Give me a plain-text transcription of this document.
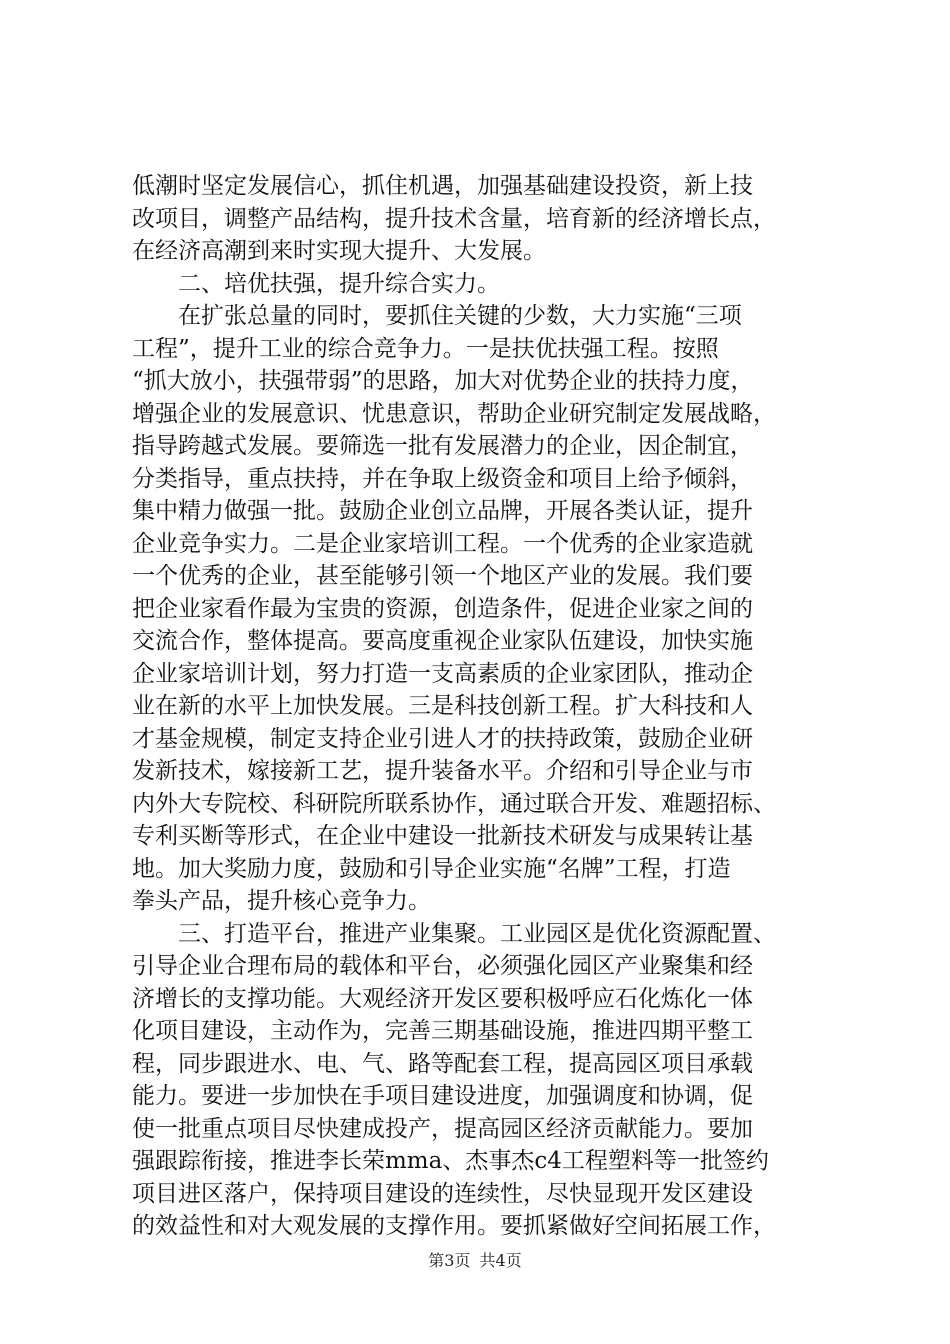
低潮时坚定发展信心，抓住机遇，加强基础建设投资，新上技
改项目，调整产品结构，提升技术含量，培育新的经济增长点，
在经济高潮到来时实现大提升、大发展。
　　二、培优扶强，提升综合实力。
　　在扩张总量的同时，要抓住关键的少数，大力实施“三项
工程”，提升工业的综合竞争力。一是扶优扶强工程。按照
“抓大放小，扶强带弱”的思路，加大对优势企业的扶持力度，
增强企业的发展意识、忧患意识，帮助企业研究制定发展战略，
指导跨越式发展。要筛选一批有发展潜力的企业，因企制宜，
分类指导，重点扶持，并在争取上级资金和项目上给予倾斜，
集中精力做强一批。鼓励企业创立品牌，开展各类认证，提升
企业竞争实力。二是企业家培训工程。一个优秀的企业家造就
一个优秀的企业，甚至能够引领一个地区产业的发展。我们要
把企业家看作最为宝贵的资源，创造条件，促进企业家之间的
交流合作，整体提高。要高度重视企业家队伍建设，加快实施
企业家培训计划，努力打造一支高素质的企业家团队，推动企
业在新的水平上加快发展。三是科技创新工程。扩大科技和人
才基金规模，制定支持企业引进人才的扶持政策，鼓励企业研
发新技术，嫁接新工艺，提升装备水平。介绍和引导企业与市
内外大专院校、科研院所联系协作，通过联合开发、难题招标、
专利买断等形式，在企业中建设一批新技术研发与成果转让基
地。加大奖励力度，鼓励和引导企业实施“名牌”工程，打造
拳头产品，提升核心竞争力。
　　三、打造平台，推进产业集聚。工业园区是优化资源配置、
引导企业合理布局的载体和平台，必须强化园区产业聚集和经
济增长的支撑功能。大观经济开发区要积极呼应石化炼化一体
化项目建设，主动作为，完善三期基础设施，推进四期平整工
程，同步跟进水、电、气、路等配套工程，提高园区项目承载
能力。要进一步加快在手项目建设进度，加强调度和协调，促
使一批重点项目尽快建成投产，提高园区经济贡献能力。要加
强跟踪衔接，推进李长荣mma、杰事杰c4工程塑料等一批签约
项目进区落户，保持项目建设的连续性，尽快显现开发区建设
的效益性和对大观发展的支撑作用。要抓紧做好空间拓展工作，
第3页 共4页
